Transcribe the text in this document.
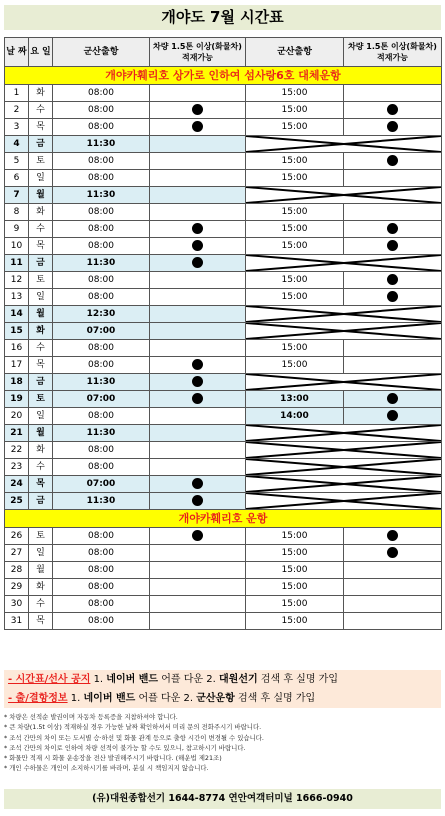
개야도 7월 시간표
날 짜	요 일	군산출항	차량 1.5톤 이상(화물차) 적재가능	군산출항	차량 1.5톤 이상(화물차) 적재가능
개야카훼리호 상가로 인하여 섬사랑6호 대체운항					
1	화	08:00		15:00	
2	수	08:00		15:00	
3	목	08:00		15:00	
4	금	11:30		

5	토	08:00		15:00	
6	일	08:00		15:00	
7	월	11:30		

8	화	08:00		15:00	
9	수	08:00		15:00	
10	목	08:00		15:00	
11	금	11:30		

12	토	08:00		15:00	
13	일	08:00		15:00	
14	월	12:30		

15	화	07:00		

16	수	08:00		15:00	
17	목	08:00		15:00	
18	금	11:30		

19	토	07:00		13:00	
20	일	08:00		14:00	
21	월	11:30		

22	화	08:00		

23	수	08:00		

24	목	07:00		

25	금	11:30		

개야카훼리호 운항					
26	토	08:00		15:00	
27	일	08:00		15:00	
28	월	08:00		15:00	
29	화	08:00		15:00	
30	수	08:00		15:00	
31	목	08:00		15:00	
- 시간표/선사 공지 1. 네이버 밴드 어플 다운 2. 대원선기 검색 후 실명 가입
- 출/결항정보 1. 네이버 밴드 어플 다운 2. 군산운항 검색 후 실명 가입
* 차량은 선적순 발권이며 자동차 등록증을 지참하셔야 합니다.
* 큰 차량(1.5t 이상) 적재하실 경우 가능한 날짜 확인하셔서 미리 문의 전화주시기 바랍니다.
* 조석 간만의 차이 또는 도서별 승·하선 및 화물 관계 등으로 출항 시간이 변경될 수 있습니다.
* 조석 간만의 차이로 인하여 차량 선적이 불가능 할 수도 있으니, 참고하시기 바랍니다.
* 화물만 적재 시 화물 운송장을 전산 발권해주시기 바랍니다. (해운법 제21조)
* 개인 수하물은 개인이 소지하시기를 바라며, 분실 시 책임지지 않습니다.
(유)대원종합선기 1644-8774 연안여객터미널 1666-0940
